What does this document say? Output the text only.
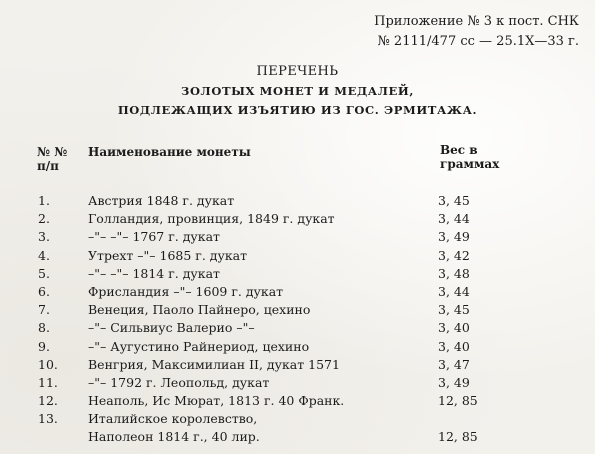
Приложение № 3 к пост. СНК
№ 2111/477 сс — 25.1Х—33 г.
ПЕРЕЧЕНЬ
ЗОЛОТЫХ МОНЕТ И МЕДАЛЕЙ,
ПОДЛЕЖАЩИХ ИЗЪЯТИЮ ИЗ ГОС. ЭРМИТАЖА.
№ №
п/п
Наименование монеты	Вес в
граммах
1.	Австрия 1848 г. дукат	3, 45
2.	Голландия, провинция, 1849 г. дукат	3, 44
3.	–"– –"– 1767 г. дукат	3, 49
4.	Утрехт –"– 1685 г. дукат	3, 42
5.	–"– –"– 1814 г. дукат	3, 48
6.	Фрисландия –"– 1609 г. дукат	3, 44
7.	Венеция, Паоло Пайнеро, цехино	3, 45
8.	–"– Сильвиус Валерио –"–	3, 40
9.	–"– Аугустино Райнериод, цехино	3, 40
10. Венгрия, Максимилиан II, дукат 1571	3, 47
11. –"– 1792 г. Леопольд, дукат	3, 49
12. Неаполь, Ис Мюрат, 1813 г. 40 Франк.	12, 85
13. Италийское королевство,
Наполеон 1814 г., 40 лир.	12, 85
